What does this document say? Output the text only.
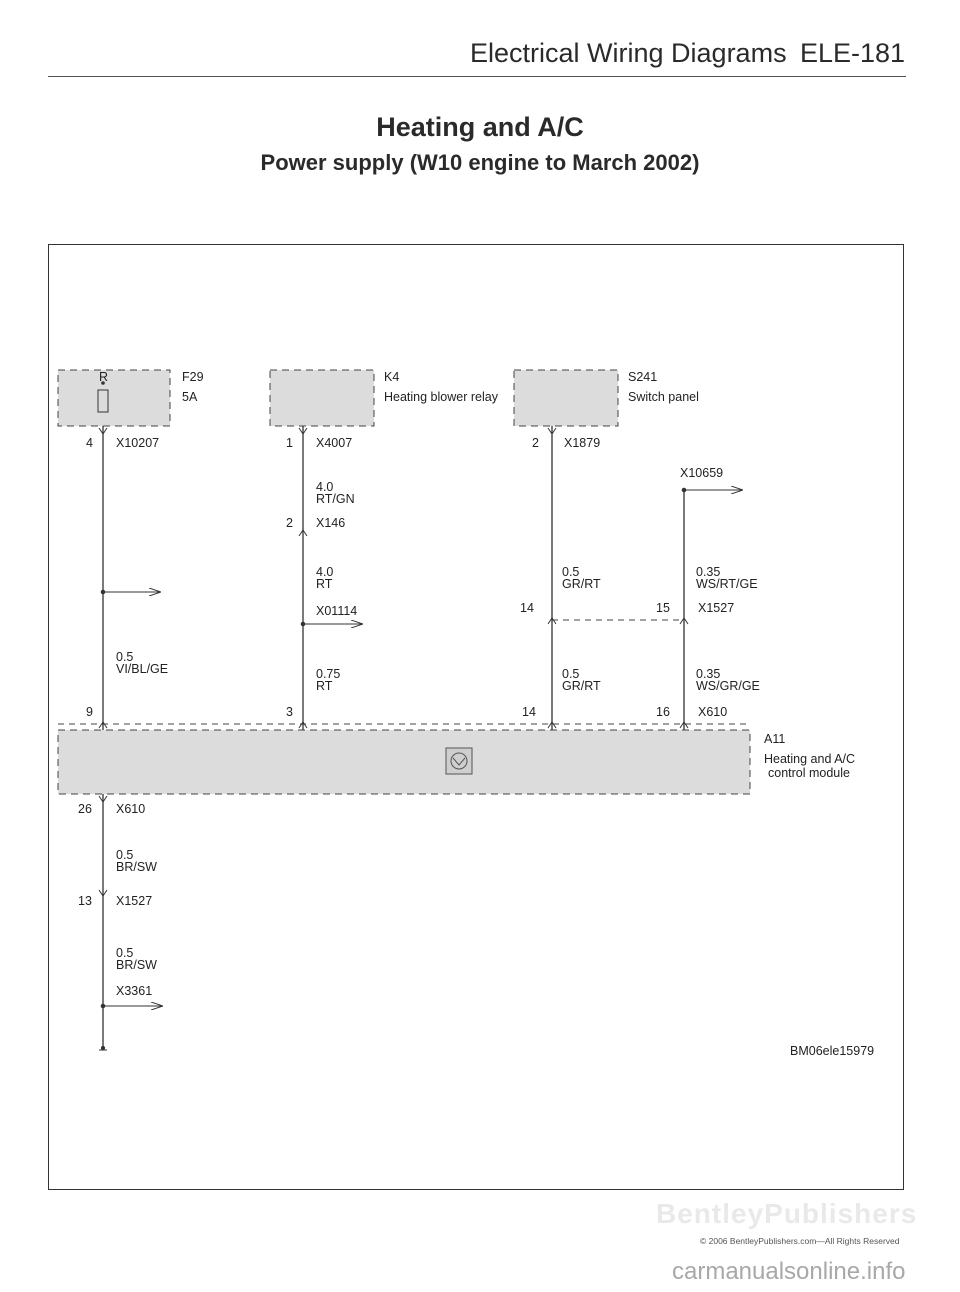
Electrical Wiring Diagrams ELE-181
Heating and A/C
Power supply (W10 engine to March 2002)
R	F29
5A
K4
Heating blower relay
S241
Switch panel
A11
Heating and A/C
control module
4	1	2
2
14	15
9	3	14	16
26
13
X10207	X4007	X1879
X10659
X146
X01114	X1527
X610
X610
X1527
X3361
4.0
RT/GN
4.0
RT
0.5
GR/RT
0.35
WS/RT/GE
0.5
VI/BL/GE	0.75
RT
0.5
GR/RT
0.35
WS/GR/GE
0.5
BR/SW
0.5
BR/SW
BM06ele15979
BentleyPublishers
© 2006 BentleyPublishers.com—All Rights Reserved
carmanualsonline.info
